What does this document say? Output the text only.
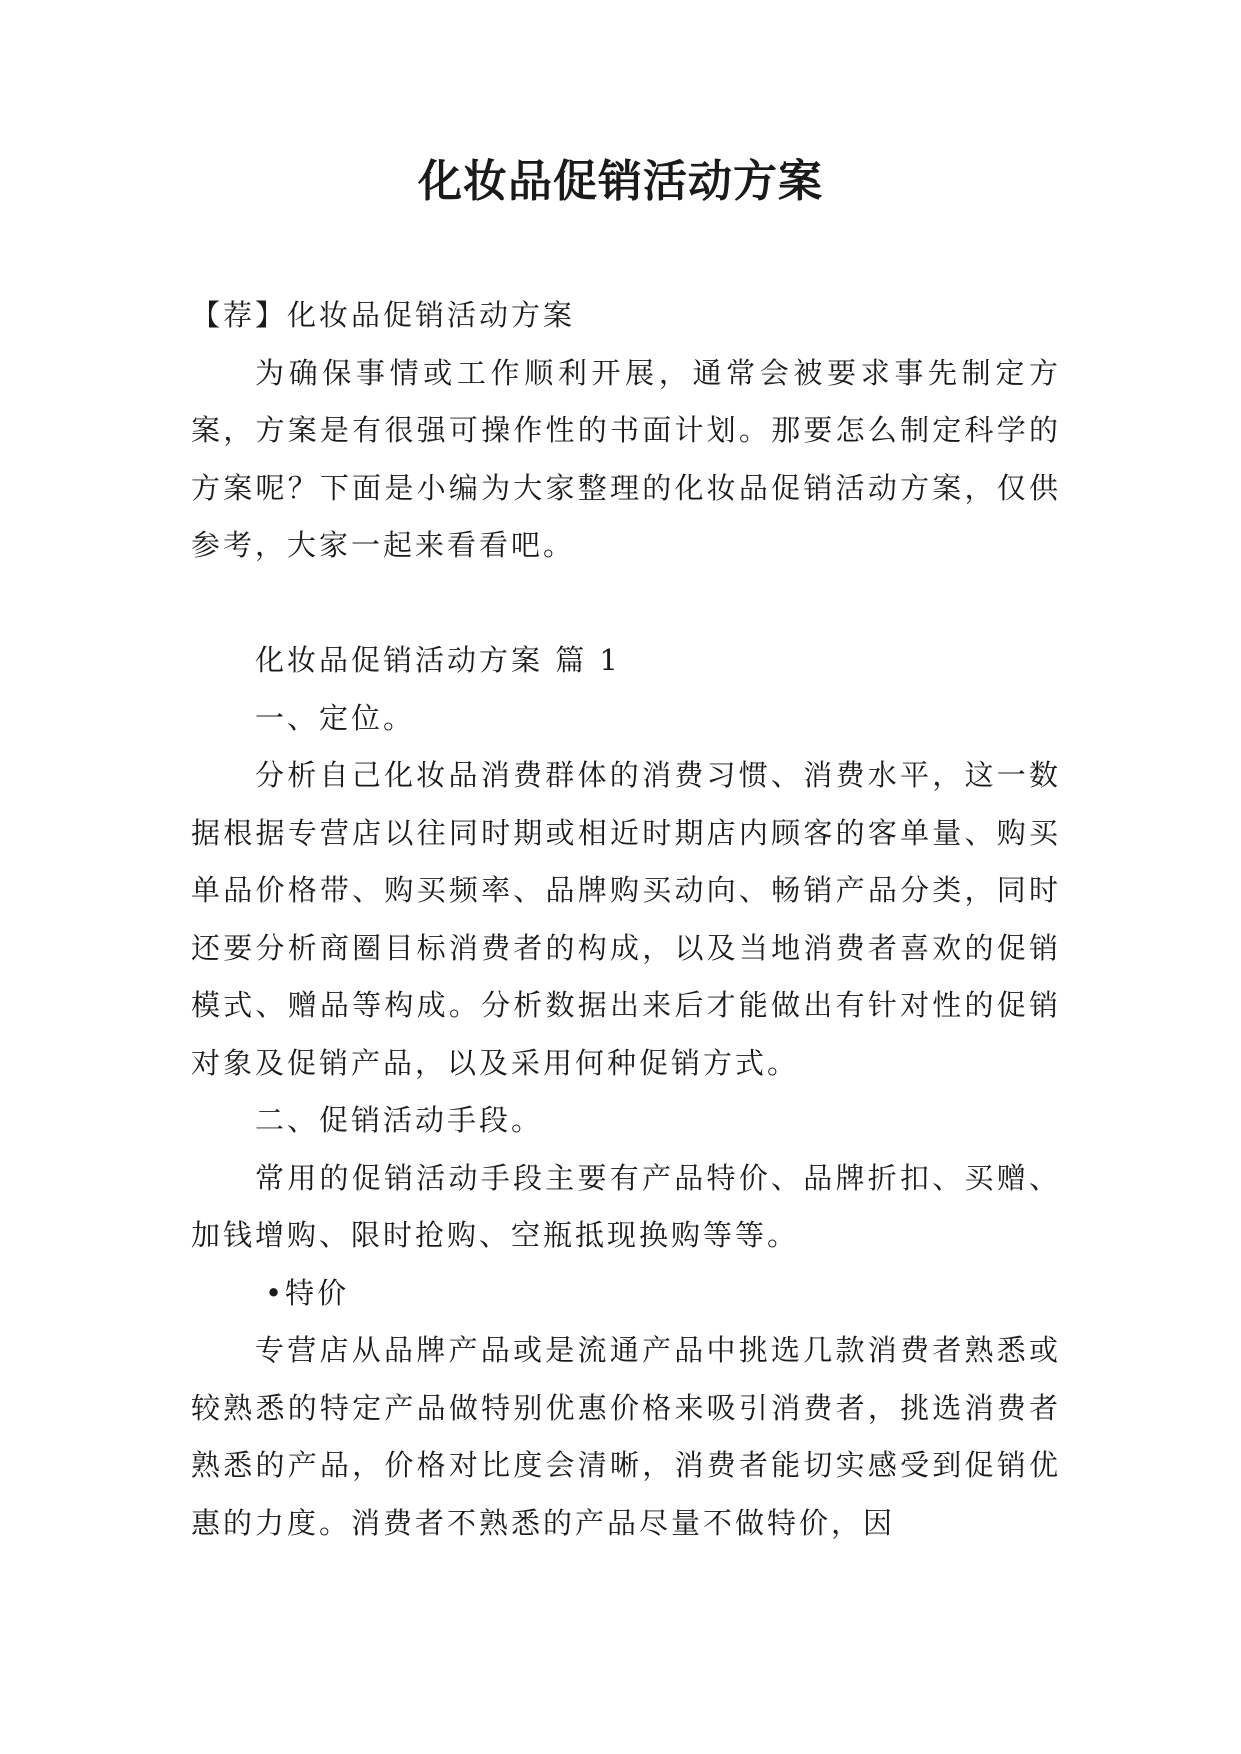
化妆品促销活动方案

【荐】化妆品促销活动方案

为确保事情或工作顺利开展，通常会被要求事先制定方案，方案是有很强可操作性的书面计划。那要怎么制定科学的方案呢？下面是小编为大家整理的化妆品促销活动方案，仅供参考，大家一起来看看吧。

化妆品促销活动方案 篇 1

一、定位。

分析自己化妆品消费群体的消费习惯、消费水平，这一数据根据专营店以往同时期或相近时期店内顾客的客单量、购买单品价格带、购买频率、品牌购买动向、畅销产品分类，同时还要分析商圈目标消费者的构成，以及当地消费者喜欢的促销模式、赠品等构成。分析数据出来后才能做出有针对性的促销对象及促销产品，以及采用何种促销方式。

二、促销活动手段。

常用的促销活动手段主要有产品特价、品牌折扣、买赠、加钱增购、限时抢购、空瓶抵现换购等等。

•特价

专营店从品牌产品或是流通产品中挑选几款消费者熟悉或较熟悉的特定产品做特别优惠价格来吸引消费者，挑选消费者熟悉的产品，价格对比度会清晰，消费者能切实感受到促销优惠的力度。消费者不熟悉的产品尽量不做特价，因
